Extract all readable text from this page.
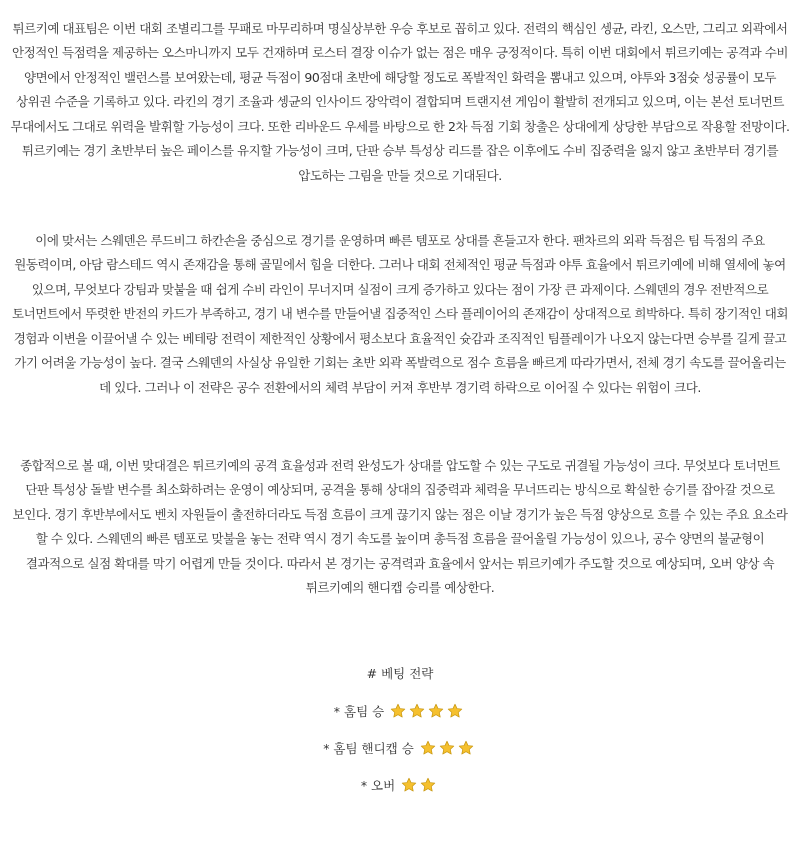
튀르키예 대표팀은 이번 대회 조별리그를 무패로 마무리하며 명실상부한 우승 후보로 꼽히고 있다. 전력의 핵심인 셍균, 라킨, 오스만, 그리고 외곽에서 안정적인 득점력을 제공하는 오스마니까지 모두 건재하며 로스터 결장 이슈가 없는 점은 매우 긍정적이다. 특히 이번 대회에서 튀르키예는 공격과 수비 양면에서 안정적인 밸런스를 보여왔는데, 평균 득점이 90점대 초반에 해당할 정도로 폭발적인 화력을 뽐내고 있으며, 야투와 3점슛 성공률이 모두 상위권 수준을 기록하고 있다. 라킨의 경기 조율과 셍균의 인사이드 장악력이 결합되며 트랜지션 게임이 활발히 전개되고 있으며, 이는 본선 토너먼트 무대에서도 그대로 위력을 발휘할 가능성이 크다. 또한 리바운드 우세를 바탕으로 한 2차 득점 기회 창출은 상대에게 상당한 부담으로 작용할 전망이다. 튀르키예는 경기 초반부터 높은 페이스를 유지할 가능성이 크며, 단판 승부 특성상 리드를 잡은 이후에도 수비 집중력을 잃지 않고 초반부터 경기를 압도하는 그림을 만들 것으로 기대된다.

이에 맞서는 스웨덴은 루드비그 하칸손을 중심으로 경기를 운영하며 빠른 템포로 상대를 흔들고자 한다. 팬차르의 외곽 득점은 팀 득점의 주요 원동력이며, 아담 람스테드 역시 존재감을 통해 골밑에서 힘을 더한다. 그러나 대회 전체적인 평균 득점과 야투 효율에서 튀르키예에 비해 열세에 놓여 있으며, 무엇보다 강팀과 맞붙을 때 쉽게 수비 라인이 무너지며 실점이 크게 증가하고 있다는 점이 가장 큰 과제이다. 스웨덴의 경우 전반적으로 토너먼트에서 뚜렷한 반전의 카드가 부족하고, 경기 내 변수를 만들어낼 집중적인 스타 플레이어의 존재감이 상대적으로 희박하다. 특히 장기적인 대회 경험과 이변을 이끌어낼 수 있는 베테랑 전력이 제한적인 상황에서 평소보다 효율적인 슛감과 조직적인 팀플레이가 나오지 않는다면 승부를 길게 끌고 가기 어려울 가능성이 높다. 결국 스웨덴의 사실상 유일한 기회는 초반 외곽 폭발력으로 점수 흐름을 빠르게 따라가면서, 전체 경기 속도를 끌어올리는 데 있다. 그러나 이 전략은 공수 전환에서의 체력 부담이 커져 후반부 경기력 하락으로 이어질 수 있다는 위험이 크다.

종합적으로 볼 때, 이번 맞대결은 튀르키예의 공격 효율성과 전력 완성도가 상대를 압도할 수 있는 구도로 귀결될 가능성이 크다. 무엇보다 토너먼트 단판 특성상 돌발 변수를 최소화하려는 운영이 예상되며, 공격을 통해 상대의 집중력과 체력을 무너뜨리는 방식으로 확실한 승기를 잡아갈 것으로 보인다. 경기 후반부에서도 벤치 자원들이 출전하더라도 득점 흐름이 크게 끊기지 않는 점은 이날 경기가 높은 득점 양상으로 흐를 수 있는 주요 요소라 할 수 있다. 스웨덴의 빠른 템포로 맞불을 놓는 전략 역시 경기 속도를 높이며 총득점 흐름을 끌어올릴 가능성이 있으나, 공수 양면의 불균형이 결과적으로 실점 확대를 막기 어렵게 만들 것이다. 따라서 본 경기는 공격력과 효율에서 앞서는 튀르키예가 주도할 것으로 예상되며, 오버 양상 속 튀르키예의 핸디캡 승리를 예상한다.

# 베팅 전략
* 홈팀 승
* 홈팀 핸디캡 승
* 오버
